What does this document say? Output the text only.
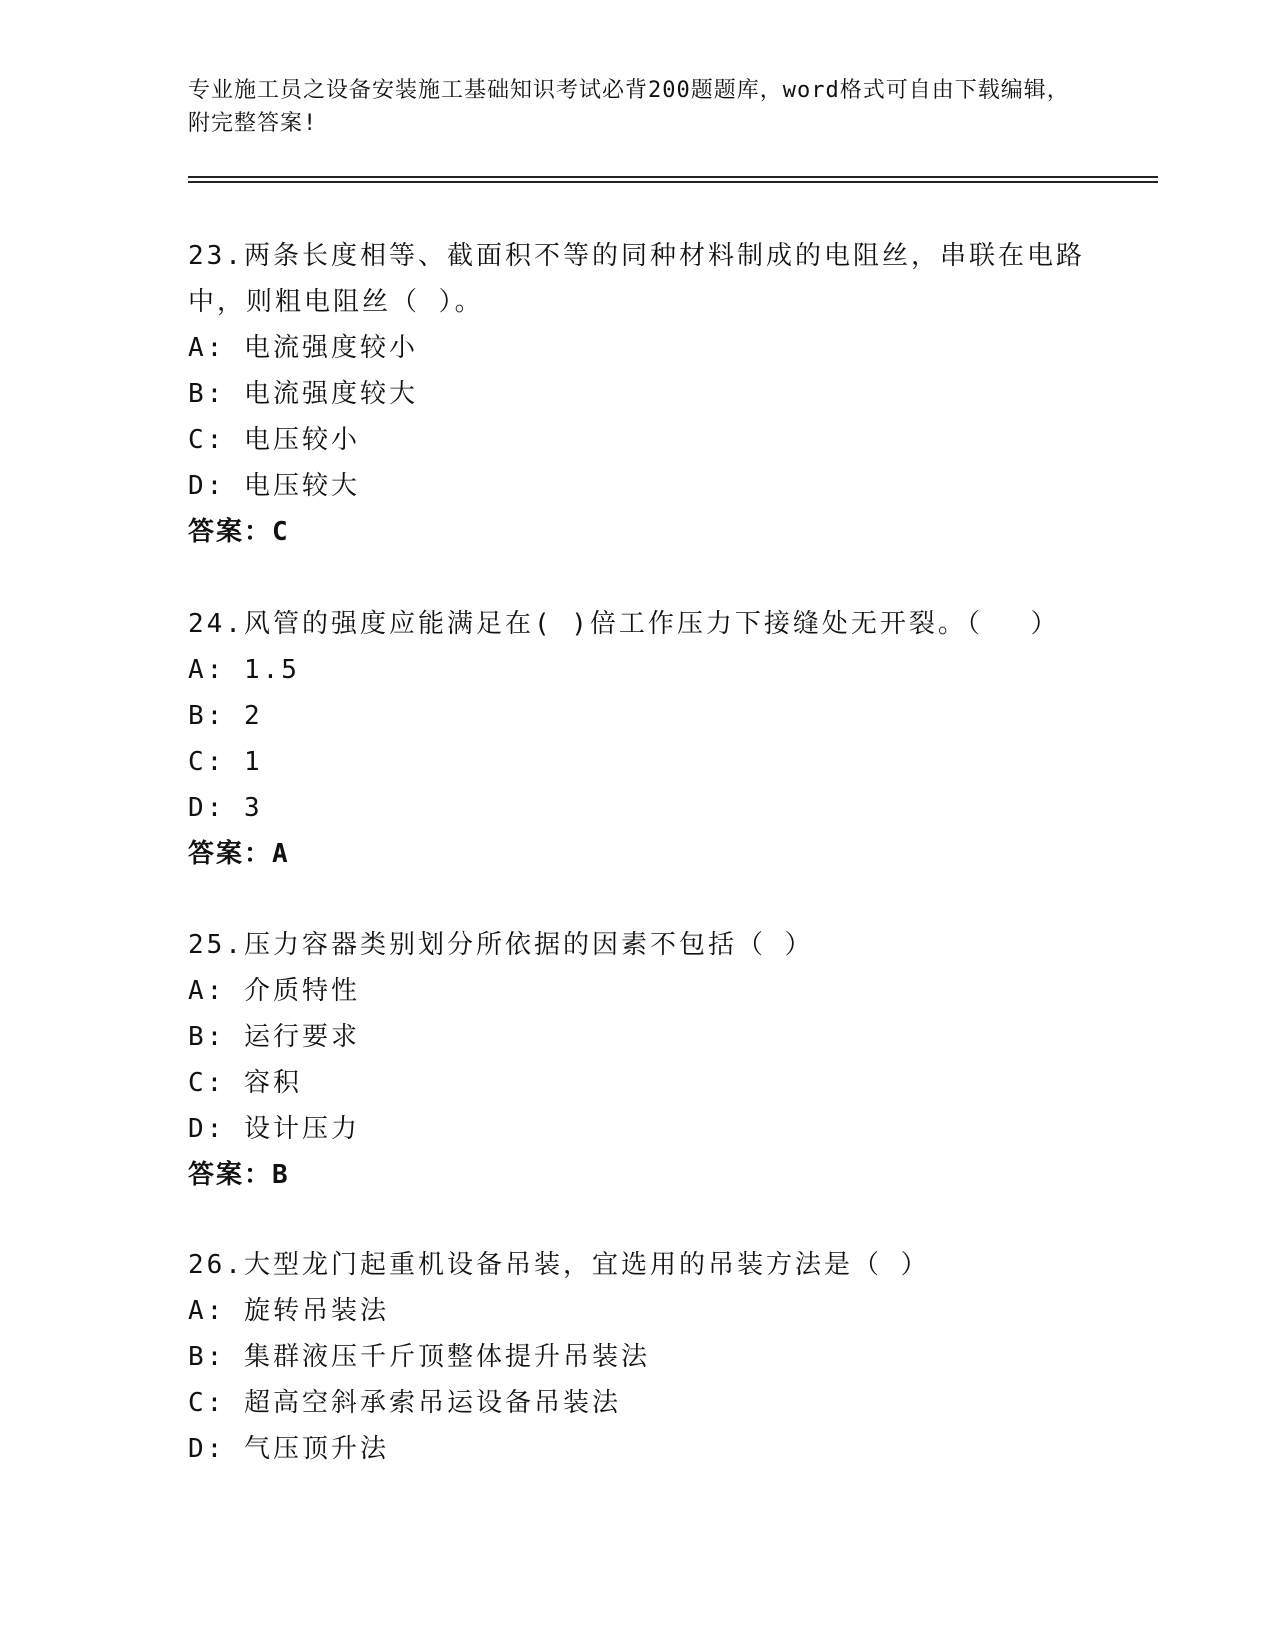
专业施工员之设备安装施工基础知识考试必背200题题库，word格式可自由下载编辑，附完整答案!
23.两条长度相等、截面积不等的同种材料制成的电阻丝，串联在电路中，则粗电阻丝（ ）。
A: 电流强度较小
B: 电流强度较大
C: 电压较小
D: 电压较大
答案：C
24.风管的强度应能满足在( )倍工作压力下接缝处无开裂。（　 ）
A: 1.5
B: 2
C: 1
D: 3
答案：A
25.压力容器类别划分所依据的因素不包括（ ）
A: 介质特性
B: 运行要求
C: 容积
D: 设计压力
答案：B
26.大型龙门起重机设备吊装，宜选用的吊装方法是（ ）
A: 旋转吊装法
B: 集群液压千斤顶整体提升吊装法
C: 超高空斜承索吊运设备吊装法
D: 气压顶升法
